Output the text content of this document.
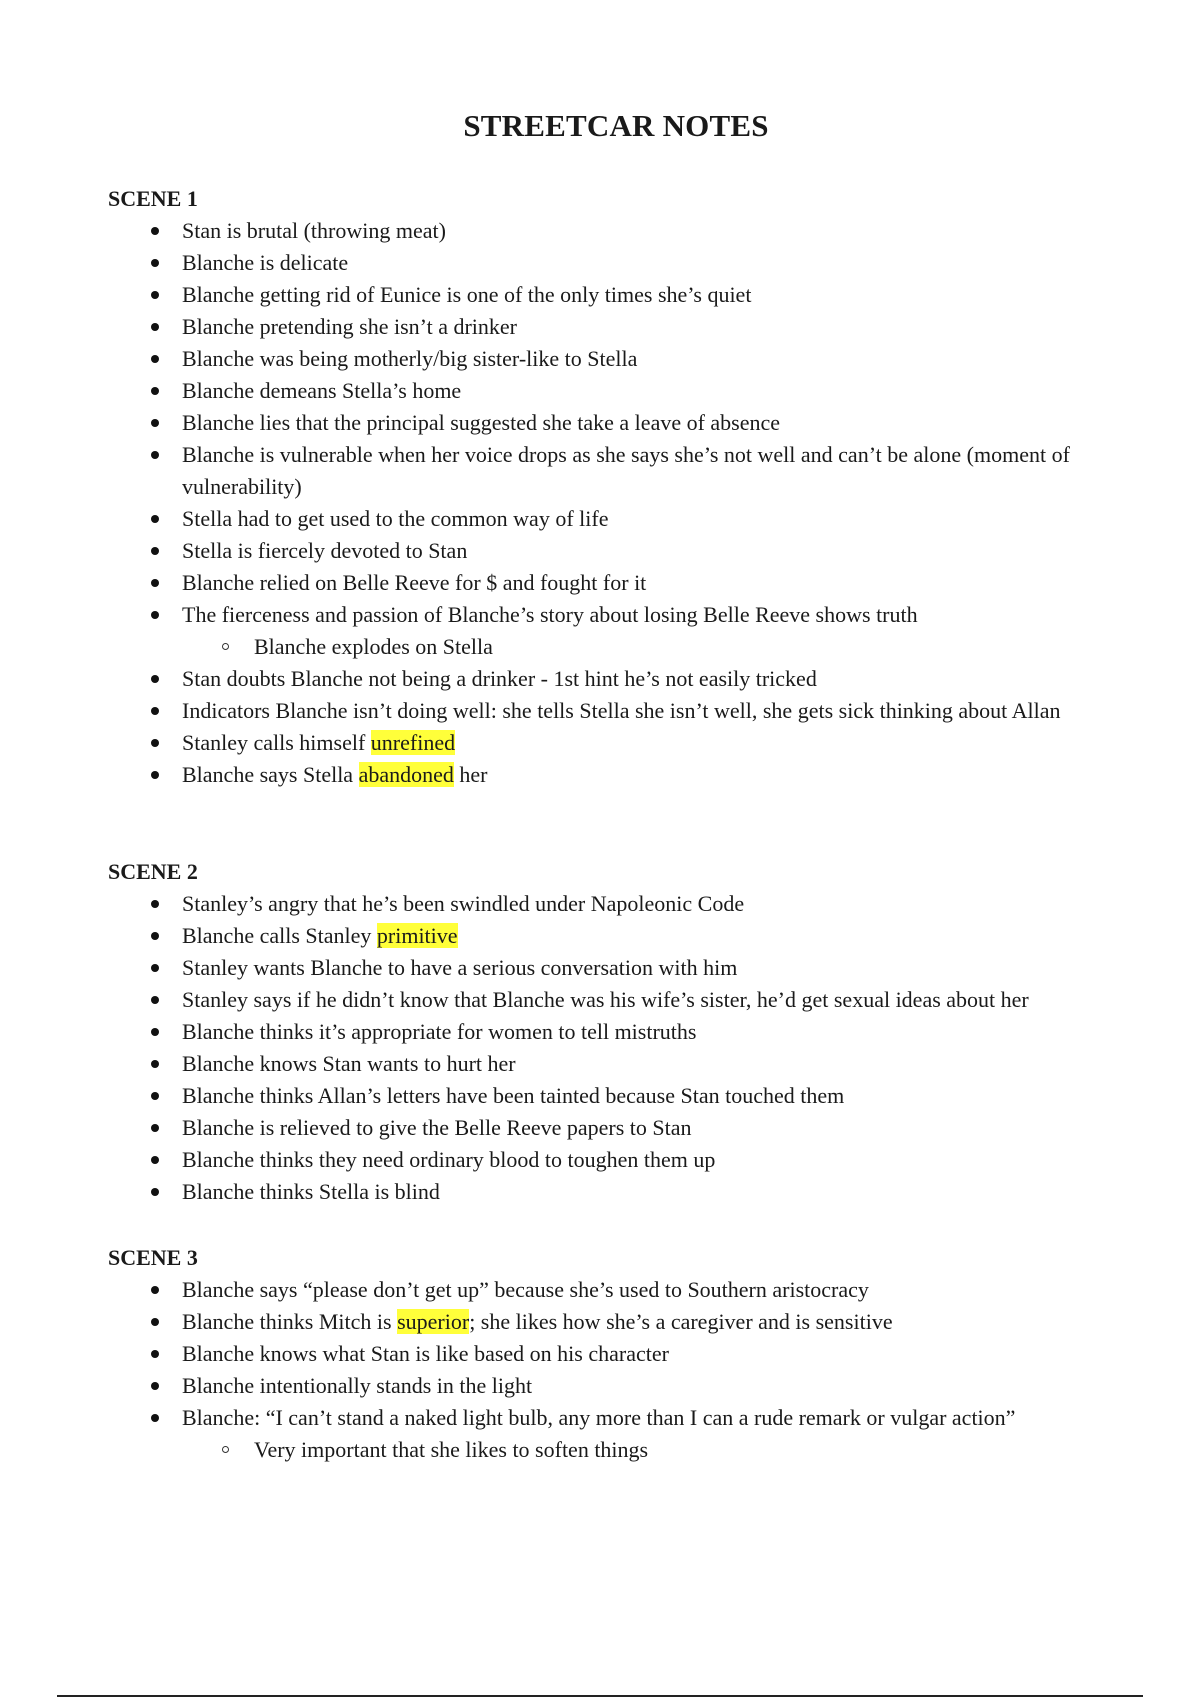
STREETCAR NOTES
SCENE 1
Stan is brutal (throwing meat)
Blanche is delicate
Blanche getting rid of Eunice is one of the only times she’s quiet
Blanche pretending she isn’t a drinker
Blanche was being motherly/big sister-like to Stella
Blanche demeans Stella’s home
Blanche lies that the principal suggested she take a leave of absence
Blanche is vulnerable when her voice drops as she says she’s not well and can’t be alone (moment of vulnerability)
Stella had to get used to the common way of life
Stella is fiercely devoted to Stan
Blanche relied on Belle Reeve for $ and fought for it
The fierceness and passion of Blanche’s story about losing Belle Reeve shows truth
Blanche explodes on Stella
Stan doubts Blanche not being a drinker - 1st hint he’s not easily tricked
Indicators Blanche isn’t doing well: she tells Stella she isn’t well, she gets sick thinking about Allan
Stanley calls himself unrefined
Blanche says Stella abandoned her
SCENE 2
Stanley’s angry that he’s been swindled under Napoleonic Code
Blanche calls Stanley primitive
Stanley wants Blanche to have a serious conversation with him
Stanley says if he didn’t know that Blanche was his wife’s sister, he’d get sexual ideas about her
Blanche thinks it’s appropriate for women to tell mistruths
Blanche knows Stan wants to hurt her
Blanche thinks Allan’s letters have been tainted because Stan touched them
Blanche is relieved to give the Belle Reeve papers to Stan
Blanche thinks they need ordinary blood to toughen them up
Blanche thinks Stella is blind
SCENE 3
Blanche says “please don’t get up” because she’s used to Southern aristocracy
Blanche thinks Mitch is superior; she likes how she’s a caregiver and is sensitive
Blanche knows what Stan is like based on his character
Blanche intentionally stands in the light
Blanche: “I can’t stand a naked light bulb, any more than I can a rude remark or vulgar action”
Very important that she likes to soften things
